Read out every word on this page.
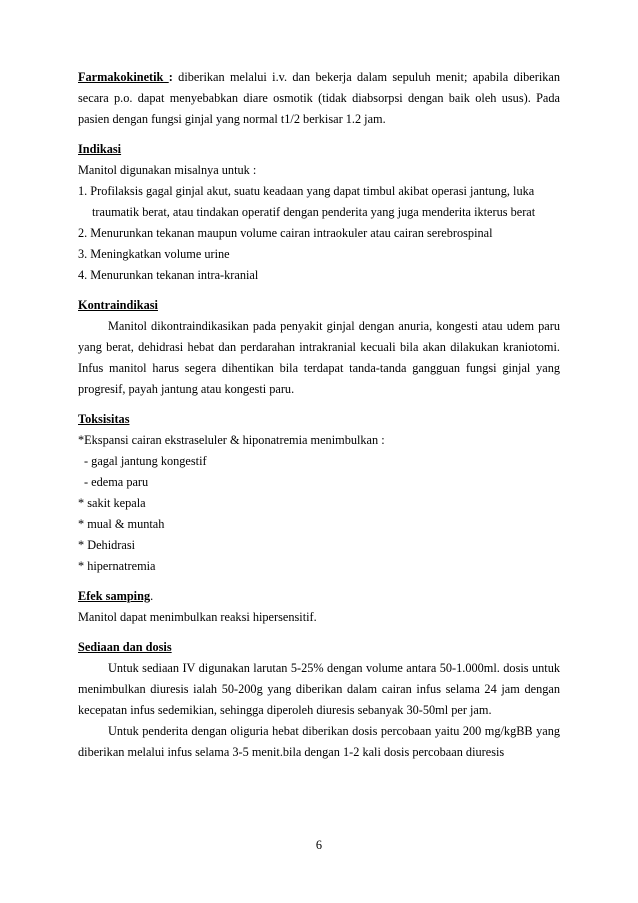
Farmakokinetik : diberikan melalui i.v. dan bekerja dalam sepuluh menit; apabila diberikan secara p.o. dapat menyebabkan diare osmotik (tidak diabsorpsi dengan baik oleh usus). Pada pasien dengan fungsi ginjal yang normal t1/2 berkisar 1.2 jam.

Indikasi

Manitol digunakan misalnya untuk :

1. Profilaksis gagal ginjal akut, suatu keadaan yang dapat timbul akibat operasi jantung, luka

traumatik berat, atau tindakan operatif dengan penderita yang juga menderita ikterus berat

2. Menurunkan tekanan maupun volume cairan intraokuler atau cairan serebrospinal

3. Meningkatkan volume urine

4. Menurunkan tekanan intra-kranial

Kontraindikasi

Manitol dikontraindikasikan pada penyakit ginjal dengan anuria, kongesti atau udem paru yang berat, dehidrasi hebat dan perdarahan intrakranial kecuali bila akan dilakukan kraniotomi. Infus manitol harus segera dihentikan bila terdapat tanda-tanda gangguan fungsi ginjal yang progresif, payah jantung atau kongesti paru.

Toksisitas

*Ekspansi cairan ekstraseluler & hiponatremia menimbulkan :

- gagal jantung kongestif

- edema paru

* sakit kepala

* mual & muntah

* Dehidrasi

* hipernatremia

Efek samping.

Manitol dapat menimbulkan reaksi hipersensitif.

Sediaan dan dosis

Untuk sediaan IV digunakan larutan 5-25% dengan volume antara 50-1.000ml. dosis untuk menimbulkan diuresis ialah 50-200g yang diberikan dalam cairan infus selama 24 jam dengan kecepatan infus sedemikian, sehingga diperoleh diuresis sebanyak 30-50ml per jam.

Untuk penderita dengan oliguria hebat diberikan dosis percobaan yaitu 200 mg/kgBB yang diberikan melalui infus selama 3-5 menit.bila dengan 1-2 kali dosis percobaan diuresis

6
